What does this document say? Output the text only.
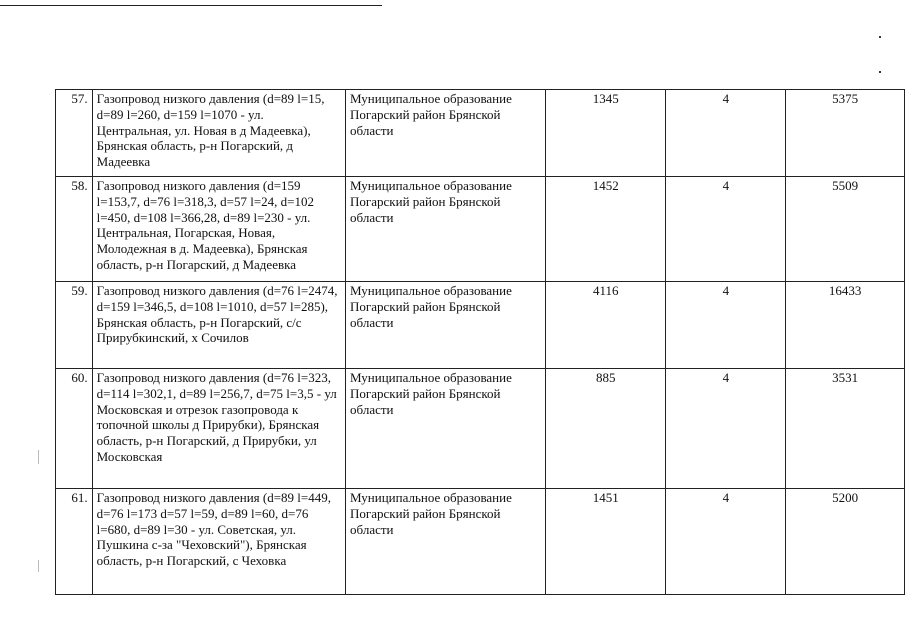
57.	Газопровод низкого давления (d=89 l=15, d=89 l=260, d=159 l=1070 - ул. Центральная, ул. Новая в д Мадеевка), Брянская область, р-н Погарский, д Мадеевка	Муниципальное образование Погарский район Брянской области	1345	4	5375
58.	Газопровод низкого давления (d=159 l=153,7, d=76 l=318,3, d=57 l=24, d=102 l=450, d=108 l=366,28, d=89 l=230 - ул. Центральная, Погарская, Новая, Молодежная в д. Мадеевка), Брянская область, р-н Погарский, д Мадеевка	Муниципальное образование Погарский район Брянской области	1452	4	5509
59.	Газопровод низкого давления (d=76 l=2474, d=159 l=346,5, d=108 l=1010, d=57 l=285), Брянская область, р-н Погарский, с/с Прирубкинский, х Сочилов	Муниципальное образование Погарский район Брянской области	4116	4	16433
60.	Газопровод низкого давления (d=76 l=323, d=114 l=302,1, d=89 l=256,7, d=75 l=3,5 - ул Московская и отрезок газопровода к топочной школы д Прирубки), Брянская область, р-н Погарский, д Прирубки, ул Московская	Муниципальное образование Погарский район Брянской области	885	4	3531
61.	Газопровод низкого давления (d=89 l=449, d=76 l=173 d=57 l=59, d=89 l=60, d=76 l=680, d=89 l=30 - ул. Советская, ул. Пушкина с-за "Чеховский"), Брянская область, р-н Погарский, с Чеховка	Муниципальное образование Погарский район Брянской области	1451	4	5200
